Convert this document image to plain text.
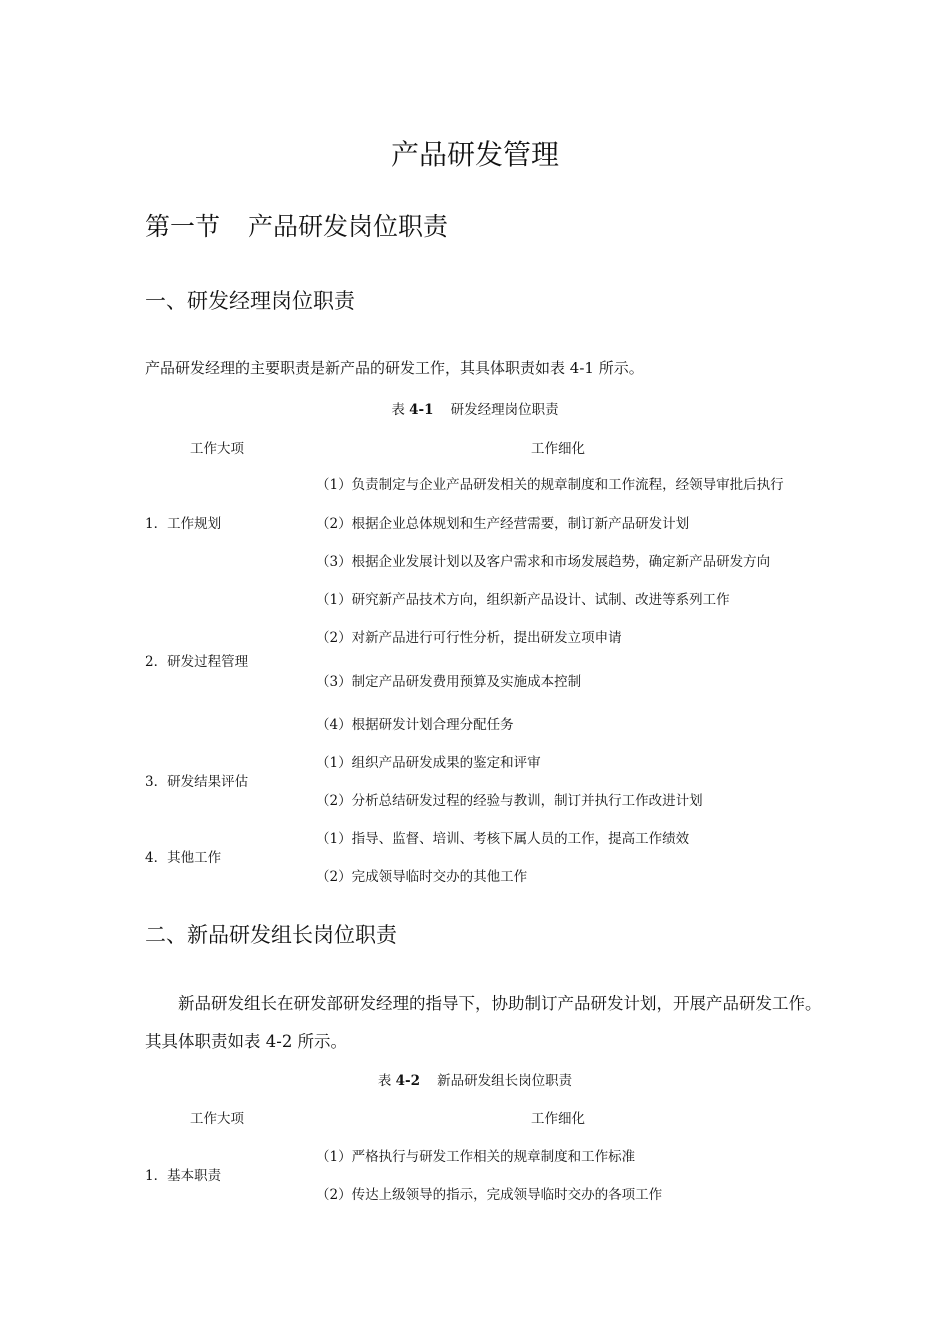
产品研发管理
第一节 产品研发岗位职责
一、研发经理岗位职责
产品研发经理的主要职责是新产品的研发工作，其具体职责如表 4-1 所示。
表 4-1 研发经理岗位职责
工作大项	工作细化
1．工作规划
（1）负责制定与企业产品研发相关的规章制度和工作流程，经领导审批后执行
（2）根据企业总体规划和生产经营需要，制订新产品研发计划
（3）根据企业发展计划以及客户需求和市场发展趋势，确定新产品研发方向
2．研发过程管理
（1）研究新产品技术方向，组织新产品设计、试制、改进等系列工作
（2）对新产品进行可行性分析，提出研发立项申请
（3）制定产品研发费用预算及实施成本控制
（4）根据研发计划合理分配任务
3．研发结果评估
（1）组织产品研发成果的鉴定和评审
（2）分析总结研发过程的经验与教训，制订并执行工作改进计划
4．其他工作
（1）指导、监督、培训、考核下属人员的工作，提高工作绩效
（2）完成领导临时交办的其他工作
二、新品研发组长岗位职责
新品研发组长在研发部研发经理的指导下，协助制订产品研发计划，开展产品研发工作。
其具体职责如表 4-2 所示。
表 4-2 新品研发组长岗位职责
工作大项	工作细化
1．基本职责
（1）严格执行与研发工作相关的规章制度和工作标准
（2）传达上级领导的指示，完成领导临时交办的各项工作
